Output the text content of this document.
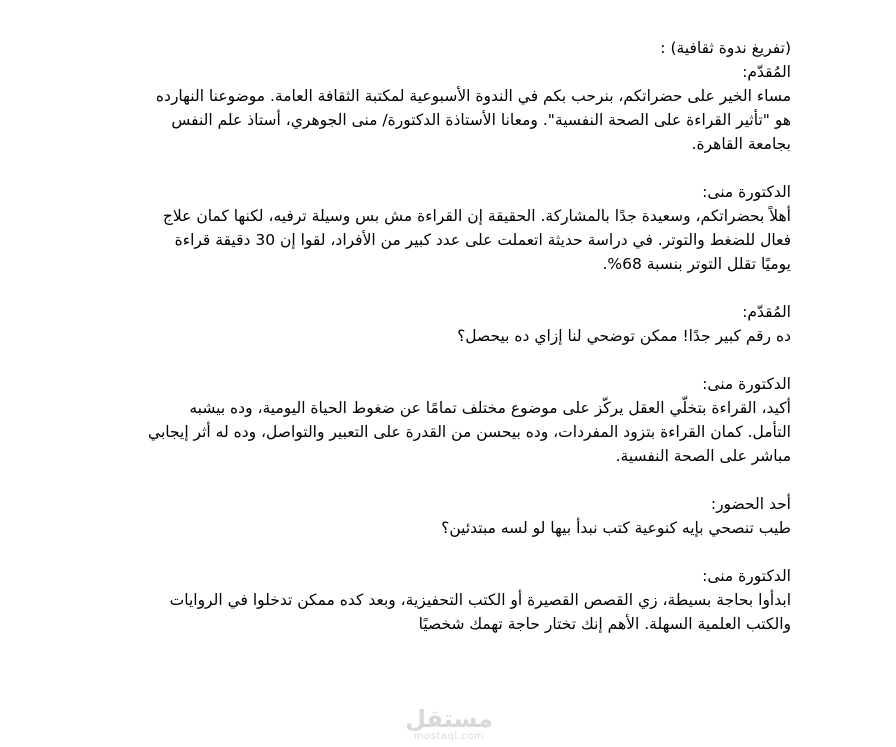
(تفريغ ندوة ثقافية) :

المُقدّم:

مساء الخير على حضراتكم، بنرحب بكم في الندوة الأسبوعية لمكتبة الثقافة العامة. موضوعنا النهارده

هو "تأثير القراءة على الصحة النفسية". ومعانا الأستاذة الدكتورة/ منى الجوهري، أستاذ علم النفس

بجامعة القاهرة.

الدكتورة منى:

أهلاً بحضراتكم، وسعيدة جدًا بالمشاركة. الحقيقة إن القراءة مش بس وسيلة ترفيه، لكنها كمان علاج

فعال للضغط والتوتر. في دراسة حديثة اتعملت على عدد كبير من الأفراد، لقوا إن 30 دقيقة قراءة

يوميًا تقلل التوتر بنسبة 68%.

المُقدّم:

ده رقم كبير جدًا! ممكن توضحي لنا إزاي ده بيحصل؟

الدكتورة منى:

أكيد، القراءة بتخلّي العقل يركّز على موضوع مختلف تمامًا عن ضغوط الحياة اليومية، وده بيشبه

التأمل. كمان القراءة بتزود المفردات، وده بيحسن من القدرة على التعبير والتواصل، وده له أثر إيجابي

مباشر على الصحة النفسية.

أحد الحضور:

طيب تنصحي بإيه كنوعية كتب نبدأ بيها لو لسه مبتدئين؟

الدكتورة منى:

ابدأوا بحاجة بسيطة، زي القصص القصيرة أو الكتب التحفيزية، وبعد كده ممكن تدخلوا في الروايات

والكتب العلمية السهلة. الأهم إنك تختار حاجة تهمك شخصيًا

مستقل
mostaql.com
